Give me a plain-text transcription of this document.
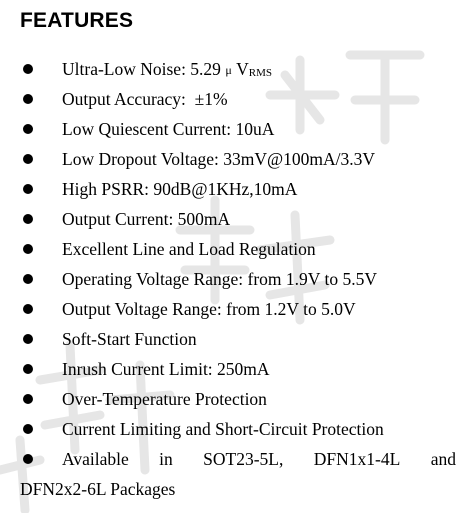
FEATURES
Ultra-Low Noise: 5.29 μ VRMS
Output Accuracy:  ±1%
Low Quiescent Current: 10uA
Low Dropout Voltage: 33mV@100mA/3.3V
High PSRR: 90dB@1KHz,10mA
Output Current: 500mA
Excellent Line and Load Regulation
Operating Voltage Range: from 1.9V to 5.5V
Output Voltage Range: from 1.2V to 5.0V
Soft-Start Function
Inrush Current Limit: 250mA
Over-Temperature Protection
Current Limiting and Short-Circuit Protection
Available in SOT23-5L, DFN1x1-4L and
DFN2x2-6L Packages
